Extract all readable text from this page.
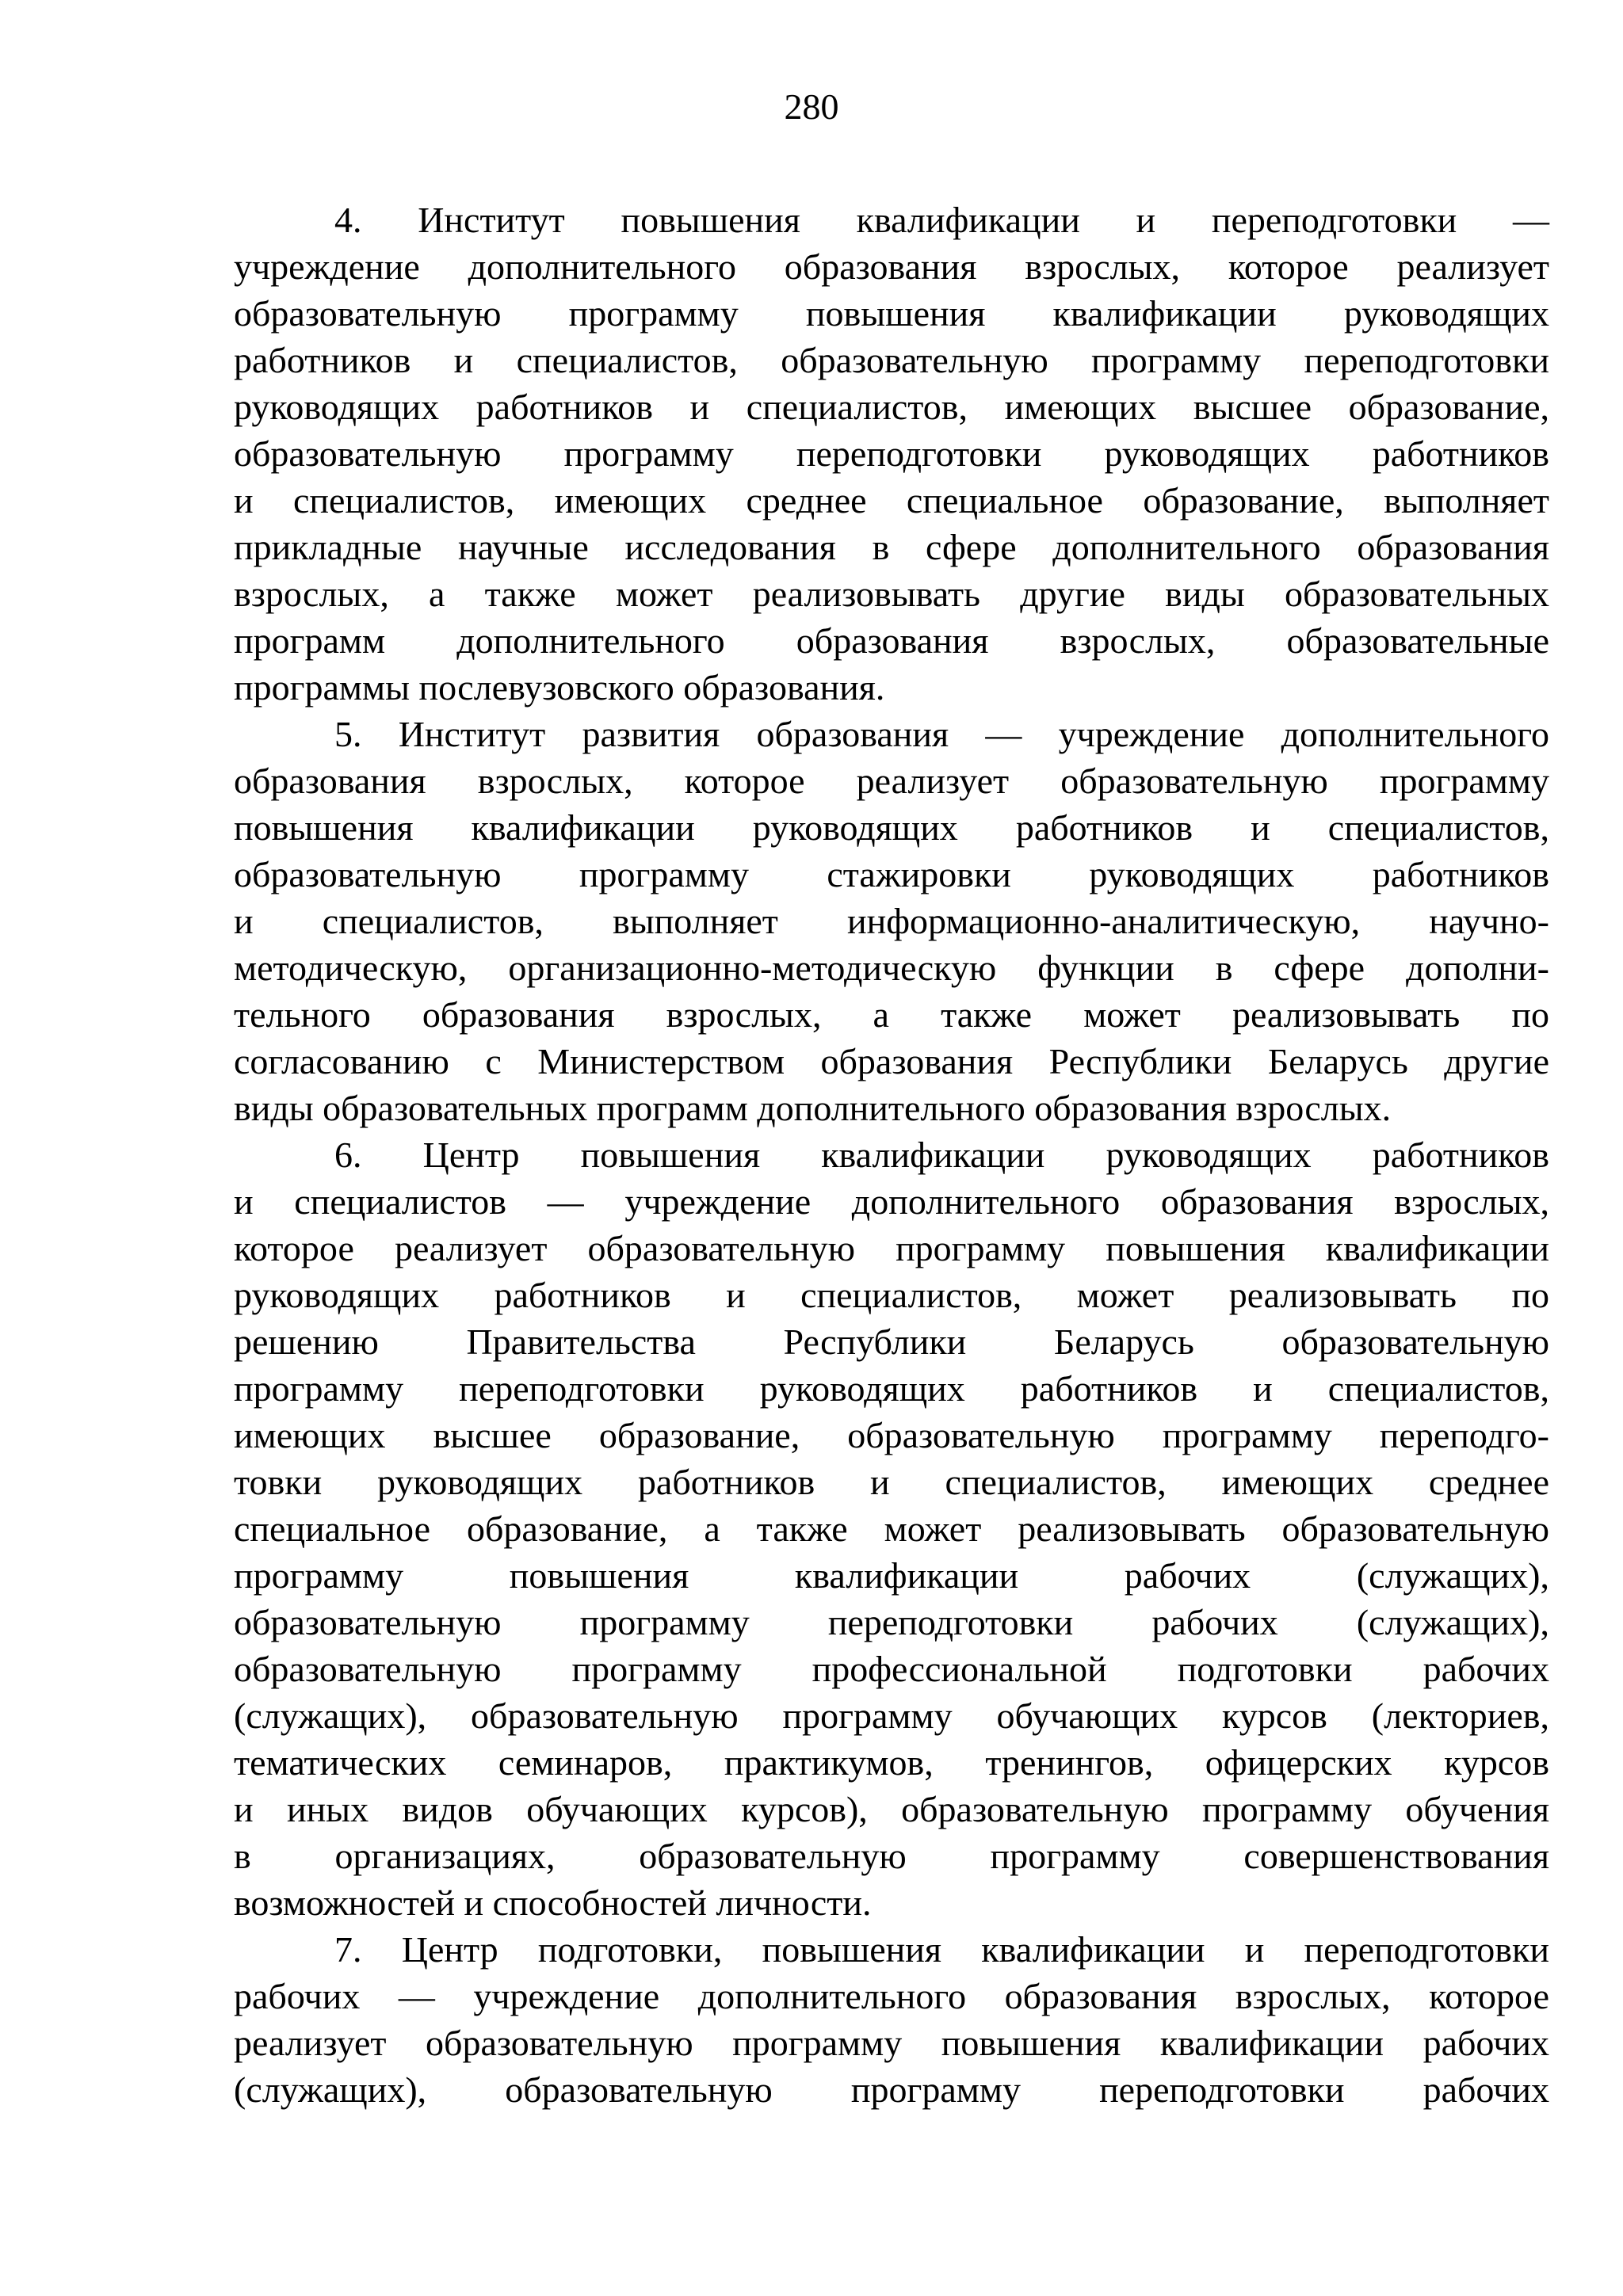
280
4. Институт повышения квалификации и переподготовки —
учреждение дополнительного образования взрослых, которое реализует
образовательную программу повышения квалификации руководящих
работников и специалистов, образовательную программу переподготовки
руководящих работников и специалистов, имеющих высшее образование,
образовательную программу переподготовки руководящих работников
и специалистов, имеющих среднее специальное образование, выполняет
прикладные научные исследования в сфере дополнительного образования
взрослых, а также может реализовывать другие виды образовательных
программ дополнительного образования взрослых, образовательные
программы послевузовского образования.
5. Институт развития образования — учреждение дополнительного
образования взрослых, которое реализует образовательную программу
повышения квалификации руководящих работников и специалистов,
образовательную программу стажировки руководящих работников
и специалистов, выполняет информационно-аналитическую, научно-
методическую, организационно-методическую функции в сфере дополни-
тельного образования взрослых, а также может реализовывать по
согласованию с Министерством образования Республики Беларусь другие
виды образовательных программ дополнительного образования взрослых.
6. Центр повышения квалификации руководящих работников
и специалистов — учреждение дополнительного образования взрослых,
которое реализует образовательную программу повышения квалификации
руководящих работников и специалистов, может реализовывать по
решению Правительства Республики Беларусь образовательную
программу переподготовки руководящих работников и специалистов,
имеющих высшее образование, образовательную программу переподго-
товки руководящих работников и специалистов, имеющих среднее
специальное образование, а также может реализовывать образовательную
программу повышения квалификации рабочих (служащих),
образовательную программу переподготовки рабочих (служащих),
образовательную программу профессиональной подготовки рабочих
(служащих), образовательную программу обучающих курсов (лекториев,
тематических семинаров, практикумов, тренингов, офицерских курсов
и иных видов обучающих курсов), образовательную программу обучения
в организациях, образовательную программу совершенствования
возможностей и способностей личности.
7. Центр подготовки, повышения квалификации и переподготовки
рабочих — учреждение дополнительного образования взрослых, которое
реализует образовательную программу повышения квалификации рабочих
(служащих), образовательную программу переподготовки рабочих
